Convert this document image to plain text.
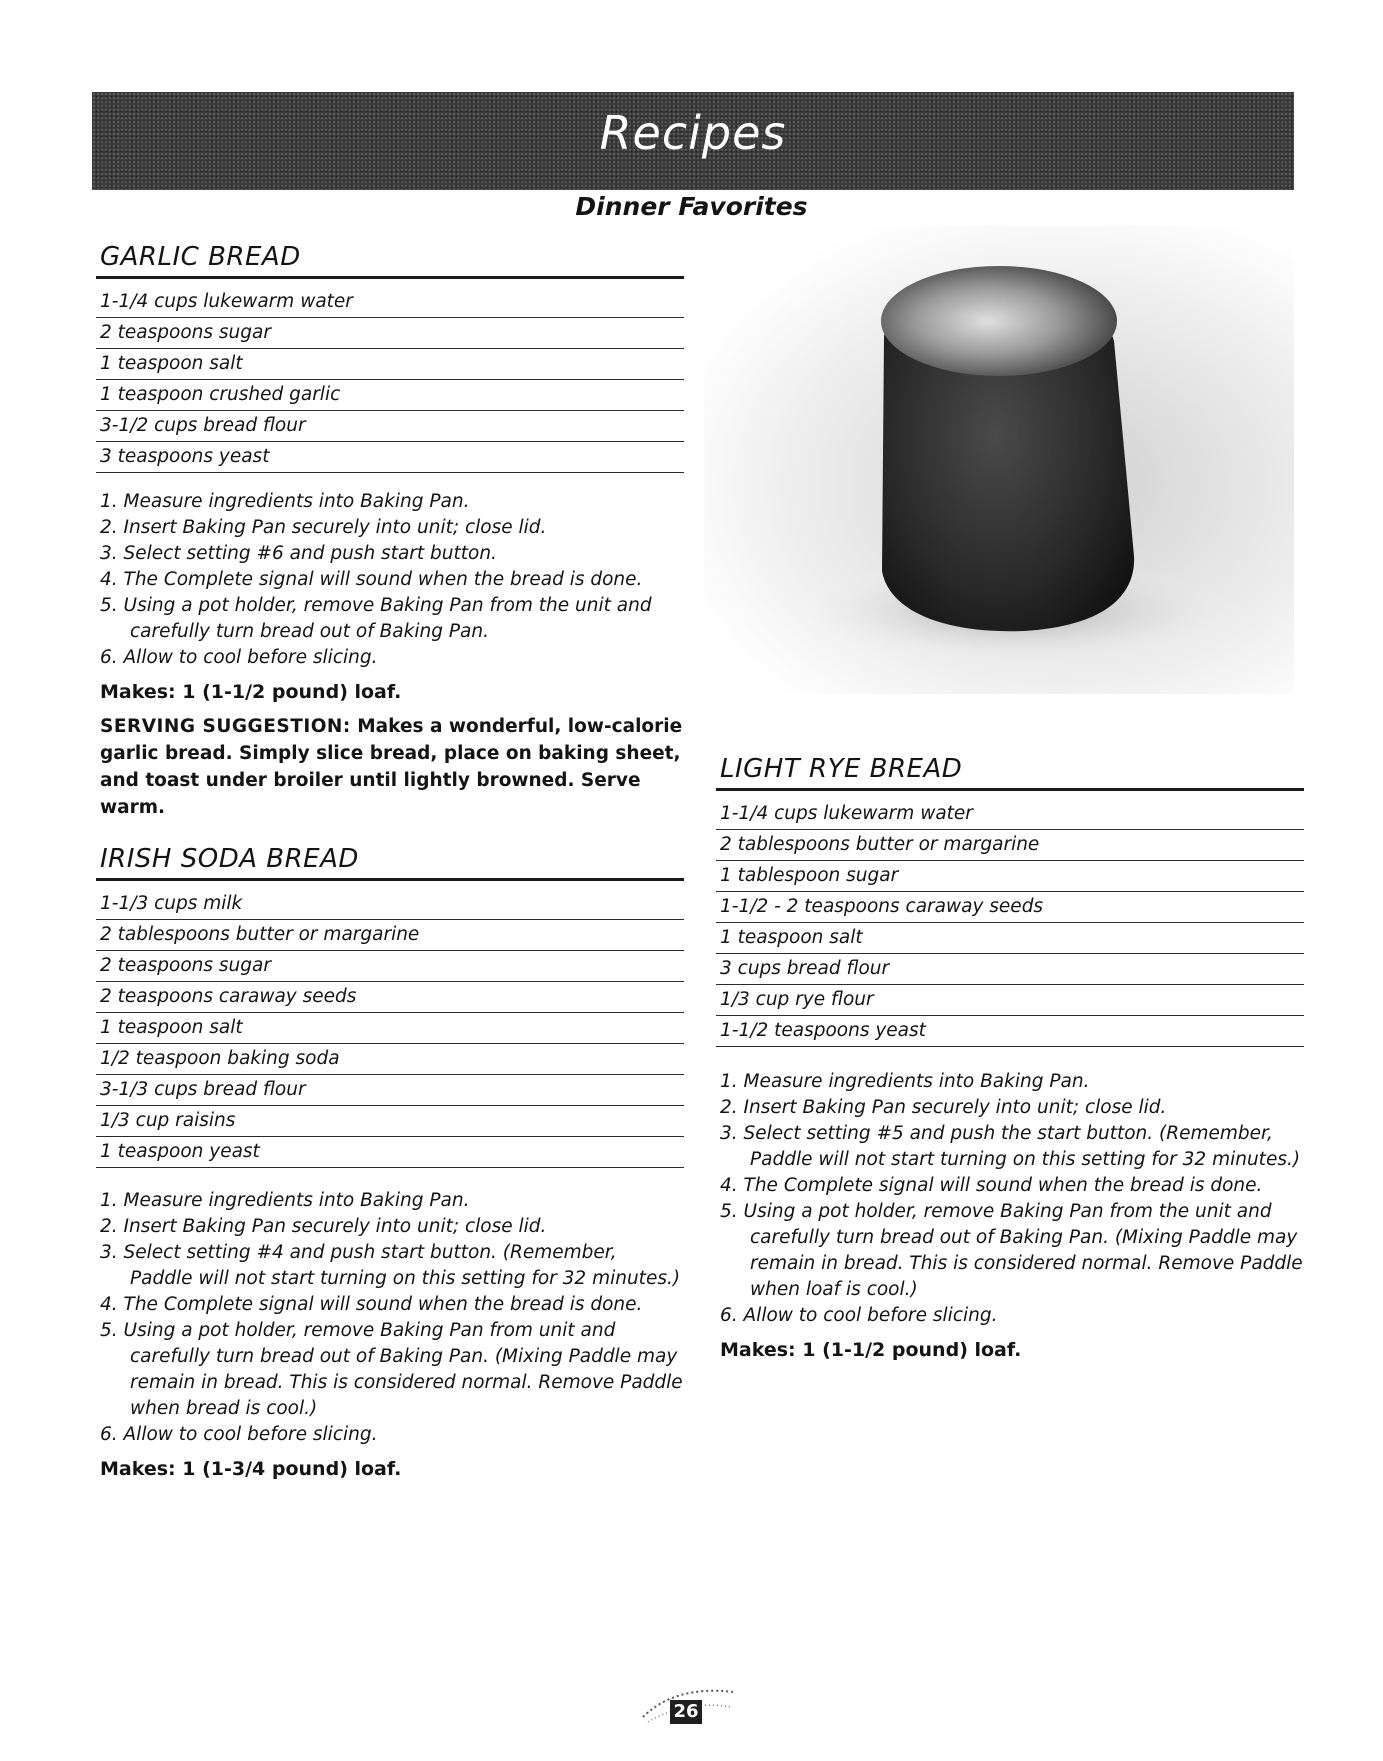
Recipes
Dinner Favorites
GARLIC BREAD
1-1/4 cups lukewarm water
2 teaspoons sugar
1 teaspoon salt
1 teaspoon crushed garlic
3-1/2 cups bread flour
3 teaspoons yeast
1. Measure ingredients into Baking Pan.
2. Insert Baking Pan securely into unit; close lid.
3. Select setting #6 and push start button.
4. The Complete signal will sound when the bread is done.
5. Using a pot holder, remove Baking Pan from the unit and carefully turn bread out of Baking Pan.
6. Allow to cool before slicing.
Makes: 1 (1-1/2 pound) loaf.
SERVING SUGGESTION: Makes a wonderful, low-calorie garlic bread. Simply slice bread, place on baking sheet, and toast under broiler until lightly browned. Serve warm.
IRISH SODA BREAD
1-1/3 cups milk
2 tablespoons butter or margarine
2 teaspoons sugar
2 teaspoons caraway seeds
1 teaspoon salt
1/2 teaspoon baking soda
3-1/3 cups bread flour
1/3 cup raisins
1 teaspoon yeast
1. Measure ingredients into Baking Pan.
2. Insert Baking Pan securely into unit; close lid.
3. Select setting #4 and push start button. (Remember, Paddle will not start turning on this setting for 32 minutes.)
4. The Complete signal will sound when the bread is done.
5. Using a pot holder, remove Baking Pan from unit and carefully turn bread out of Baking Pan. (Mixing Paddle may remain in bread. This is considered normal. Remove Paddle when bread is cool.)
6. Allow to cool before slicing.
Makes: 1 (1-3/4 pound) loaf.
LIGHT RYE BREAD
1-1/4 cups lukewarm water
2 tablespoons butter or margarine
1 tablespoon sugar
1-1/2 - 2 teaspoons caraway seeds
1 teaspoon salt
3 cups bread flour
1/3 cup rye flour
1-1/2 teaspoons yeast
1. Measure ingredients into Baking Pan.
2. Insert Baking Pan securely into unit; close lid.
3. Select setting #5 and push the start button. (Remember, Paddle will not start turning on this setting for 32 minutes.)
4. The Complete signal will sound when the bread is done.
5. Using a pot holder, remove Baking Pan from the unit and carefully turn bread out of Baking Pan. (Mixing Paddle may remain in bread. This is considered normal. Remove Paddle when loaf is cool.)
6. Allow to cool before slicing.
Makes: 1 (1-1/2 pound) loaf.
26
